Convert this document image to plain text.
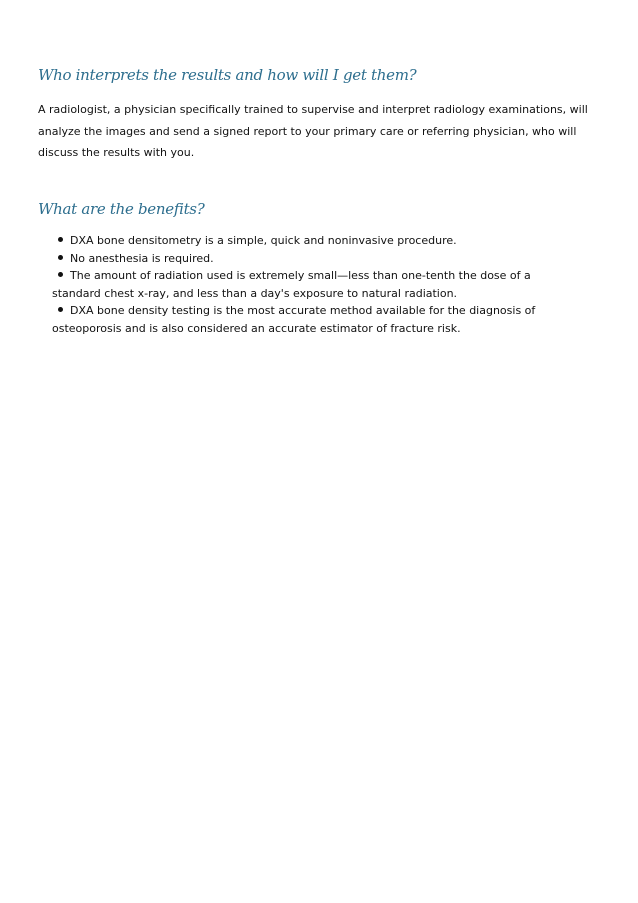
Who interprets the results and how will I get them?

A radiologist, a physician specifically trained to supervise and interpret radiology examinations, will analyze the images and send a signed report to your primary care or referring physician, who will discuss the results with you.

What are the benefits?
DXA bone densitometry is a simple, quick and noninvasive procedure.
No anesthesia is required.
The amount of radiation used is extremely small—less than one-tenth the dose of a standard chest x-ray, and less than a day's exposure to natural radiation.
DXA bone density testing is the most accurate method available for the diagnosis of osteoporosis and is also considered an accurate estimator of fracture risk.
